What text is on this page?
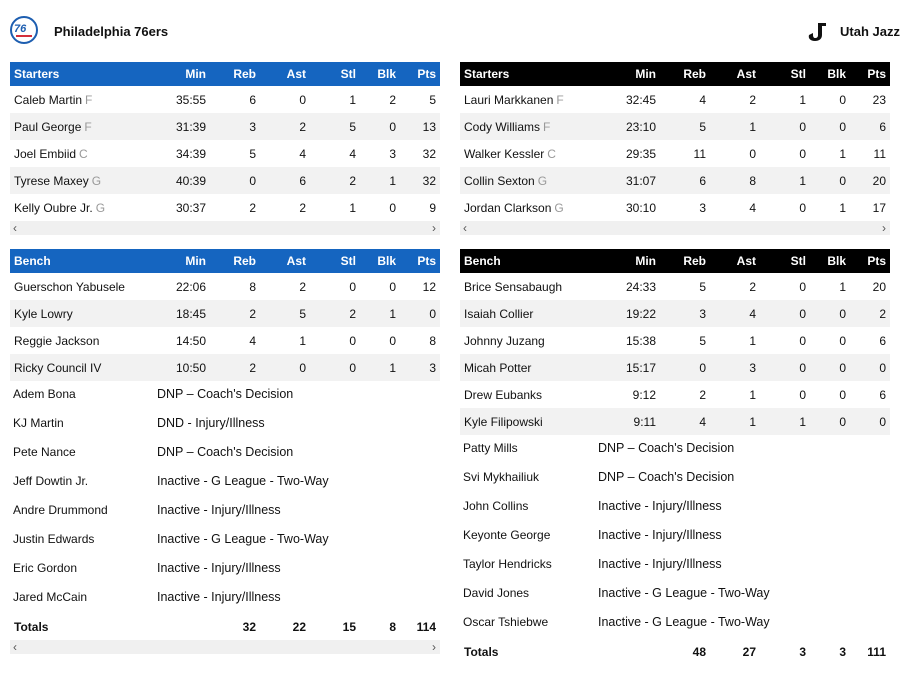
76 Philadelphia 76ers
Starters	Min	Reb	Ast	Stl	Blk	Pts
Caleb Martin F	35:55	6	0	1	2	5
Paul George F	31:39	3	2	5	0	13
Joel Embiid C	34:39	5	4	4	3	32
Tyrese Maxey G	40:39	0	6	2	1	32
Kelly Oubre Jr. G	30:37	2	2	1	0	9
‹	›
Bench	Min	Reb	Ast	Stl	Blk	Pts
Guerschon Yabusele	22:06	8	2	0	0	12
Kyle Lowry	18:45	2	5	2	1	0
Reggie Jackson	14:50	4	1	0	0	8
Ricky Council IV	10:50	2	0	0	1	3
Adem Bona	DNP – Coach's Decision
KJ Martin	DND - Injury/Illness
Pete Nance	DNP – Coach's Decision
Jeff Dowtin Jr.	Inactive - G League - Two-Way
Andre Drummond	Inactive - Injury/Illness
Justin Edwards	Inactive - G League - Two-Way
Eric Gordon	Inactive - Injury/Illness
Jared McCain	Inactive - Injury/Illness
Totals		32	22	15	8	114
‹	›
Utah Jazz
Starters	Min	Reb	Ast	Stl	Blk	Pts
Lauri Markkanen F	32:45	4	2	1	0	23
Cody Williams F	23:10	5	1	0	0	6
Walker Kessler C	29:35	11	0	0	1	11
Collin Sexton G	31:07	6	8	1	0	20
Jordan Clarkson G	30:10	3	4	0	1	17
‹	›
Bench	Min	Reb	Ast	Stl	Blk	Pts
Brice Sensabaugh	24:33	5	2	0	1	20
Isaiah Collier	19:22	3	4	0	0	2
Johnny Juzang	15:38	5	1	0	0	6
Micah Potter	15:17	0	3	0	0	0
Drew Eubanks	9:12	2	1	0	0	6
Kyle Filipowski	9:11	4	1	1	0	0
Patty Mills	DNP – Coach's Decision
Svi Mykhailiuk	DNP – Coach's Decision
John Collins	Inactive - Injury/Illness
Keyonte George	Inactive - Injury/Illness
Taylor Hendricks	Inactive - Injury/Illness
David Jones	Inactive - G League - Two-Way
Oscar Tshiebwe	Inactive - G League - Two-Way
Totals		48	27	3	3	111
